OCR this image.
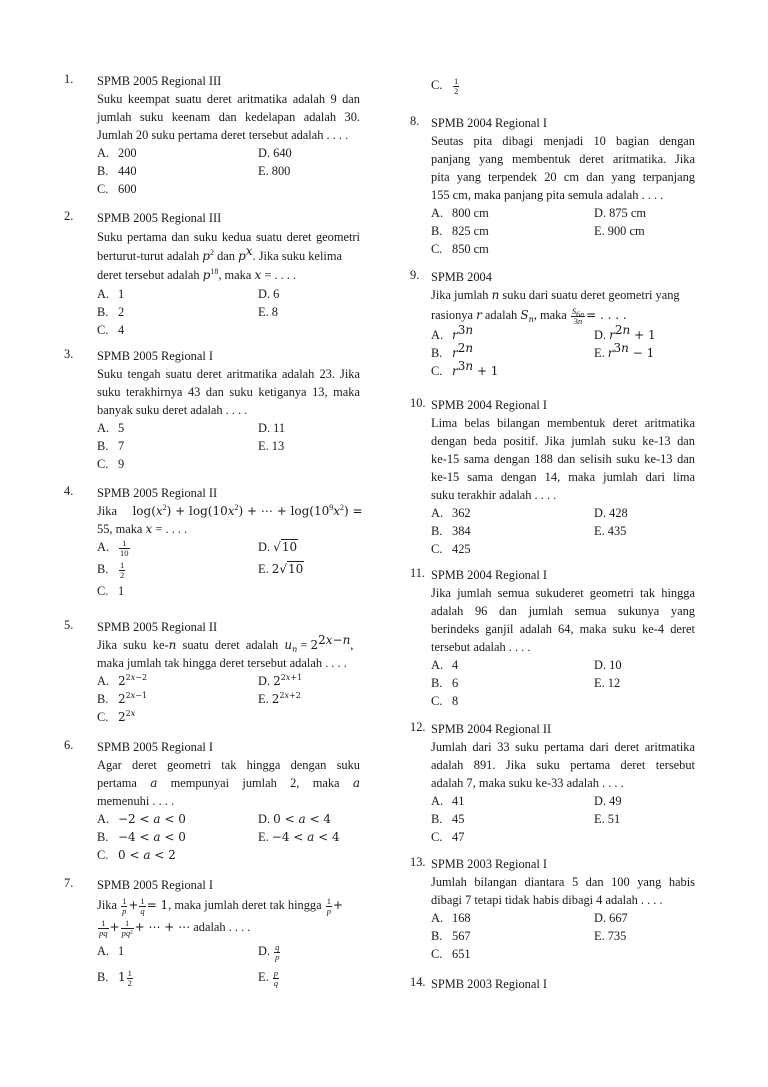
1. SPMB 2005 Regional III
Suku keempat suatu deret aritmatika adalah 9 dan
jumlah suku keenam dan kedelapan adalah 30.
Jumlah 20 suku pertama deret tersebut adalah . . . .
A. 200	D. 640
B. 440	E. 800
C. 600
2. SPMB 2005 Regional III
Suku pertama dan suku kedua suatu deret geometri
berturut-turut adalah $p^2$ dan $p^x$. Jika suku kelima
deret tersebut adalah $p^{18}$, maka x = . . . .
A. 1	D. 6
B. 2	E. 8
C. 4
3. SPMB 2005 Regional I
Suku tengah suatu deret aritmatika adalah 23. Jika
suku terakhirnya 43 dan suku ketiganya 13, maka
banyak suku deret adalah . . . .
A. 5	D. 11
B. 7	E. 13
C. 9
4. SPMB 2005 Regional II
Jika     $\log(x^2) + \log(10x^2)$ + ⋯ + $\log(10^9x^2)$ =
55, maka x = . . . .
A. $\frac{1}{10}$	D. √10
B. $\frac{1}{2}$	E. 2√10
C. 1
5. SPMB 2005 Regional II
Jika  suku  ke-n  suatu  deret  adalah  $u_n = 2^{2x-n}$,
maka jumlah tak hingga deret tersebut adalah . . . .
A. $2^{2x-2}$	D. $2^{2x+1}$
B. $2^{2x-1}$	E. $2^{2x+2}$
C. $2^{2x}$
6. SPMB 2005 Regional I
Agar deret geometri tak hingga dengan suku
pertama a mempunyai jumlah 2, maka a
memenuhi . . . .
A. −2 < a < 0	D. 0 < a < 4
B. −4 < a < 0	E. −4 < a < 4
C. 0 < a < 2
7. SPMB 2005 Regional I
Jika $\frac{1}{p} + \frac{1}{q} = 1$, maka jumlah deret tak hingga $\frac{1}{p}$ +
$\frac{1}{pq} + \frac{1}{\text{pq²}}$ + ⋯ + ⋯ adalah . . . .
A. 1	D. $\frac{q}{p}$
B. $1 \frac{1}{2}$	E. $\frac{p}{q}$
C. $\frac{1}{2}$
8. SPMB 2004 Regional I
Seutas pita dibagi menjadi 10 bagian dengan
panjang yang membentuk deret aritmatika. Jika
pita yang terpendek 20 cm dan yang terpanjang
155 cm, maka panjang pita semula adalah . . . .
A. 800 cm	D. 875 cm
B. 825 cm	E. 900 cm
C. 850 cm
9. SPMB 2004
Jika jumlah n suku dari suatu deret geometri yang
rasionya r adalah $S_n$, maka $\frac{S_{6n}}{3n}$ = . . . .
A. $r^{3n}$	D. $r^{2n} + 1$
B. $r^{2n}$	E. $r^{3n} - 1$
C. $r^{3n} + 1$
10. SPMB 2004 Regional I
Lima belas bilangan membentuk deret aritmatika
dengan beda positif. Jika jumlah suku ke-13 dan
ke-15 sama dengan 188 dan selisih suku ke-13 dan
ke-15 sama dengan 14, maka jumlah dari lima
suku terakhir adalah . . . .
A. 362	D. 428
B. 384	E. 435
C. 425
11. SPMB 2004 Regional I
Jika jumlah semua sukuderet geometri tak hingga
adalah 96 dan jumlah semua sukunya yang
berindeks ganjil adalah 64, maka suku ke-4 deret
tersebut adalah . . . .
A. 4	D. 10
B. 6	E. 12
C. 8
12. SPMB 2004 Regional II
Jumlah dari 33 suku pertama dari deret aritmatika
adalah 891. Jika suku pertama deret tersebut
adalah 7, maka suku ke-33 adalah . . . .
A. 41	D. 49
B. 45	E. 51
C. 47
13. SPMB 2003 Regional I
Jumlah bilangan diantara 5 dan 100 yang habis
dibagi 7 tetapi tidak habis dibagi 4 adalah . . . .
A. 168	D. 667
B. 567	E. 735
C. 651
14. SPMB 2003 Regional I
